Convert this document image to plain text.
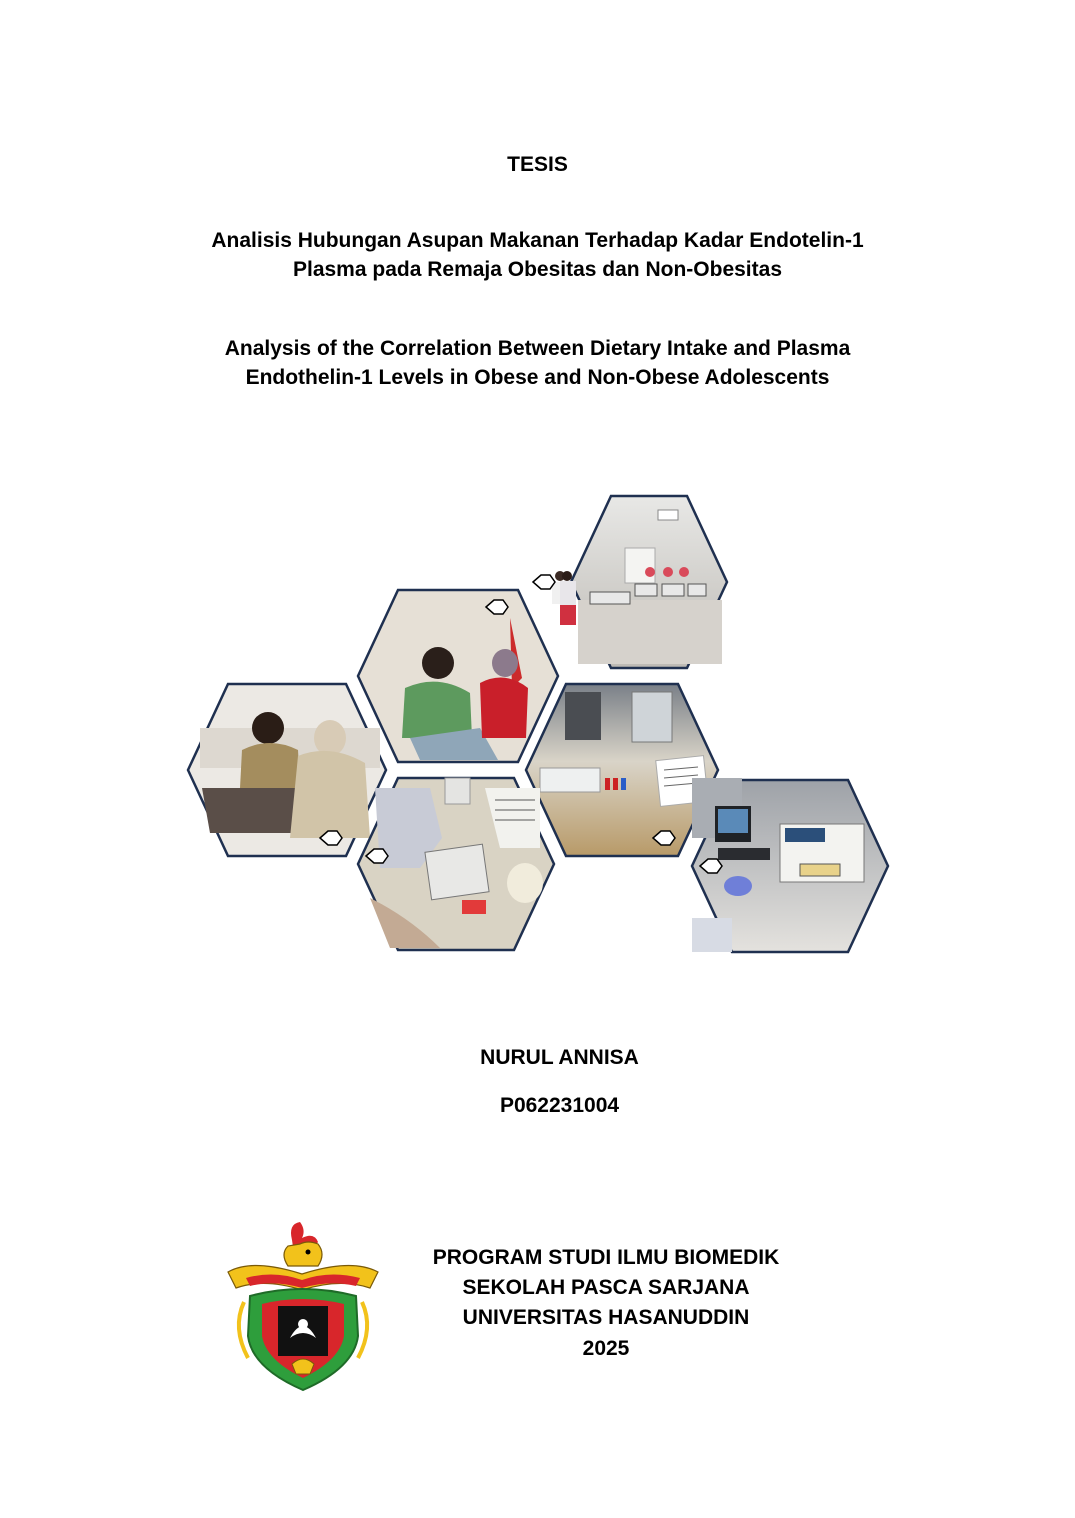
TESIS
Analisis Hubungan Asupan Makanan Terhadap Kadar Endotelin-1
Plasma pada Remaja Obesitas dan Non-Obesitas
Analysis of the Correlation Between Dietary Intake and Plasma
Endothelin-1 Levels in Obese and Non-Obese Adolescents
NURUL ANNISA
P062231004
PROGRAM STUDI ILMU BIOMEDIK
SEKOLAH PASCA SARJANA
UNIVERSITAS HASANUDDIN
2025
